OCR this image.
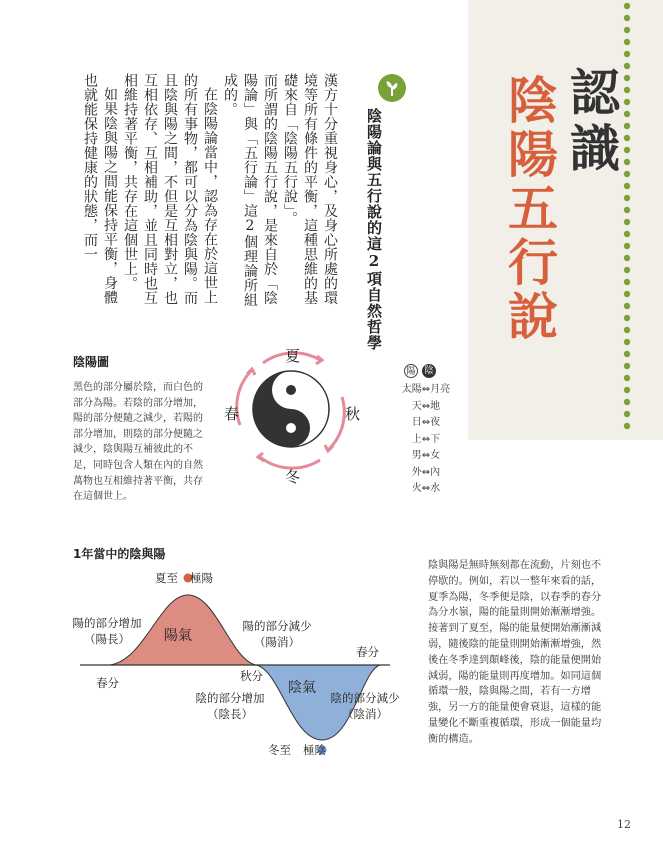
認識
陰陽五行說
陰陽論與五行說的這2項自然哲學

漢方十分重視身心，及身心所處的環境等所有條件的平衡，這種思維的基礎來自「陰陽五行說」。

而所謂的陰陽五行說，是來自於「陰陽論」與「五行論」這2個理論所組成的。

在陰陽論當中，認為存在於這世上的所有事物，都可以分為陰與陽。而且陰與陽之間，不但是互相對立，也互相依存、互相補助，並且同時也互相維持著平衡，共存在這個世上。

如果陰與陽之間能保持平衡，身體也就能保持健康的狀態，而一

陰陽圖
黑色的部分屬於陰，而白色的部分為陽。若陰的部分增加，陽的部分便隨之減少，若陽的部分增加，則陰的部分便隨之減少，陰與陽互補彼此的不足，同時包含人類在內的自然萬物也互相維持著平衡，共存在這個世上。
夏
秋
冬
春
陽 陰
太陽⇔月亮
天⇔地
日⇔夜
上⇔下
男⇔女
外⇔內
火⇔水
1年當中的陰與陽
夏至 極陽
陽氣
陰氣
春分
春分
秋分
陽的部分增加
（陽長）
陽的部分減少
（陽消）
陰的部分增加
（陰長）
陰的部分減少
（陰消）
冬至 極陰
陰與陽是無時無刻都在流動，片刻也不停歇的。例如，若以一整年來看的話，夏季為陽，冬季便是陰，以春季的春分為分水嶺，陽的能量則開始漸漸增強。接著到了夏至，陽的能量便開始漸漸減弱，隨後陰的能量則開始漸漸增強，然後在冬季達到顛峰後，陰的能量便開始減弱，陽的能量則再度增加。如同這個循環一般，陰與陽之間，若有一方增強，另一方的能量便會衰退，這樣的能量變化不斷重複循環，形成一個能量均衡的構造。
12
